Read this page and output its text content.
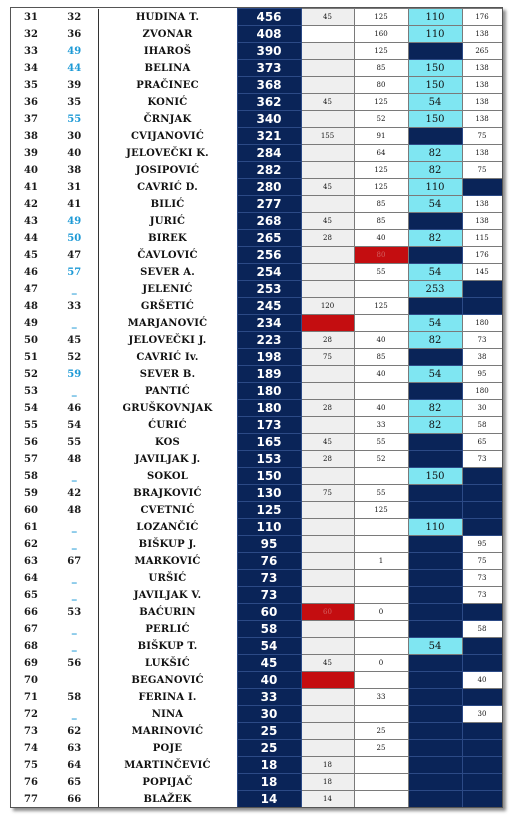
31	32	HUDINA T.	456	45	125	110	176
32	36	ZVONAR	408		160	110	138
33	49	IHAROŠ	390		125		265
34	44	BELINA	373		85	150	138
35	39	PRAČINEC	368		80	150	138
36	35	KONIĆ	362	45	125	54	138
37	55	ČRNJAK	340		52	150	138
38	30	CVIJANOVIĆ	321	155	91		75
39	40	JELOVEČKI K.	284		64	82	138
40	38	JOSIPOVIĆ	282		125	82	75
41	31	CAVRIĆ D.	280	45	125	110	
42	41	BILIĆ	277		85	54	138
43	49	JURIĆ	268	45	85		138
44	50	BIREK	265	28	40	82	115
45	47	ČAVLOVIĆ	256		80		176
46	57	SEVER A.	254		55	54	145
47	_	JELENIĆ	253			253	
48	33	GRŠETIĆ	245	120	125		
49	_	MARJANOVIĆ	234			54	180
50	45	JELOVEČKI J.	223	28	40	82	73
51	52	CAVRIĆ Iv.	198	75	85		38
52	59	SEVER B.	189		40	54	95
53	_	PANTIĆ	180				180
54	46	GRUŠKOVNJAK	180	28	40	82	30
55	54	ĆURIĆ	173		33	82	58
56	55	KOS	165	45	55		65
57	48	JAVILJAK J.	153	28	52		73
58	_	SOKOL	150			150	
59	42	BRAJKOVIĆ	130	75	55		
60	48	CVETNIĆ	125		125		
61	_	LOZANČIĆ	110			110	
62	_	BIŠKUP J.	95				95
63	67	MARKOVIĆ	76		1		75
64	_	URŠIĆ	73				73
65	_	JAVILJAK V.	73				73
66	53	BAĆURIN	60	60	0		
67	_	PERLIĆ	58				58
68	_	BIŠKUP T.	54			54	
69	56	LUKŠIĆ	45	45	0		
70		BEGANOVIĆ	40				40
71	58	FERINA I.	33		33		
72	_	NINA	30				30
73	62	MARINOVIĆ	25		25		
74	63	POJE	25		25		
75	64	MARTINČEVIĆ	18	18			
76	65	POPIJAČ	18	18			
77	66	BLAŽEK	14	14			
